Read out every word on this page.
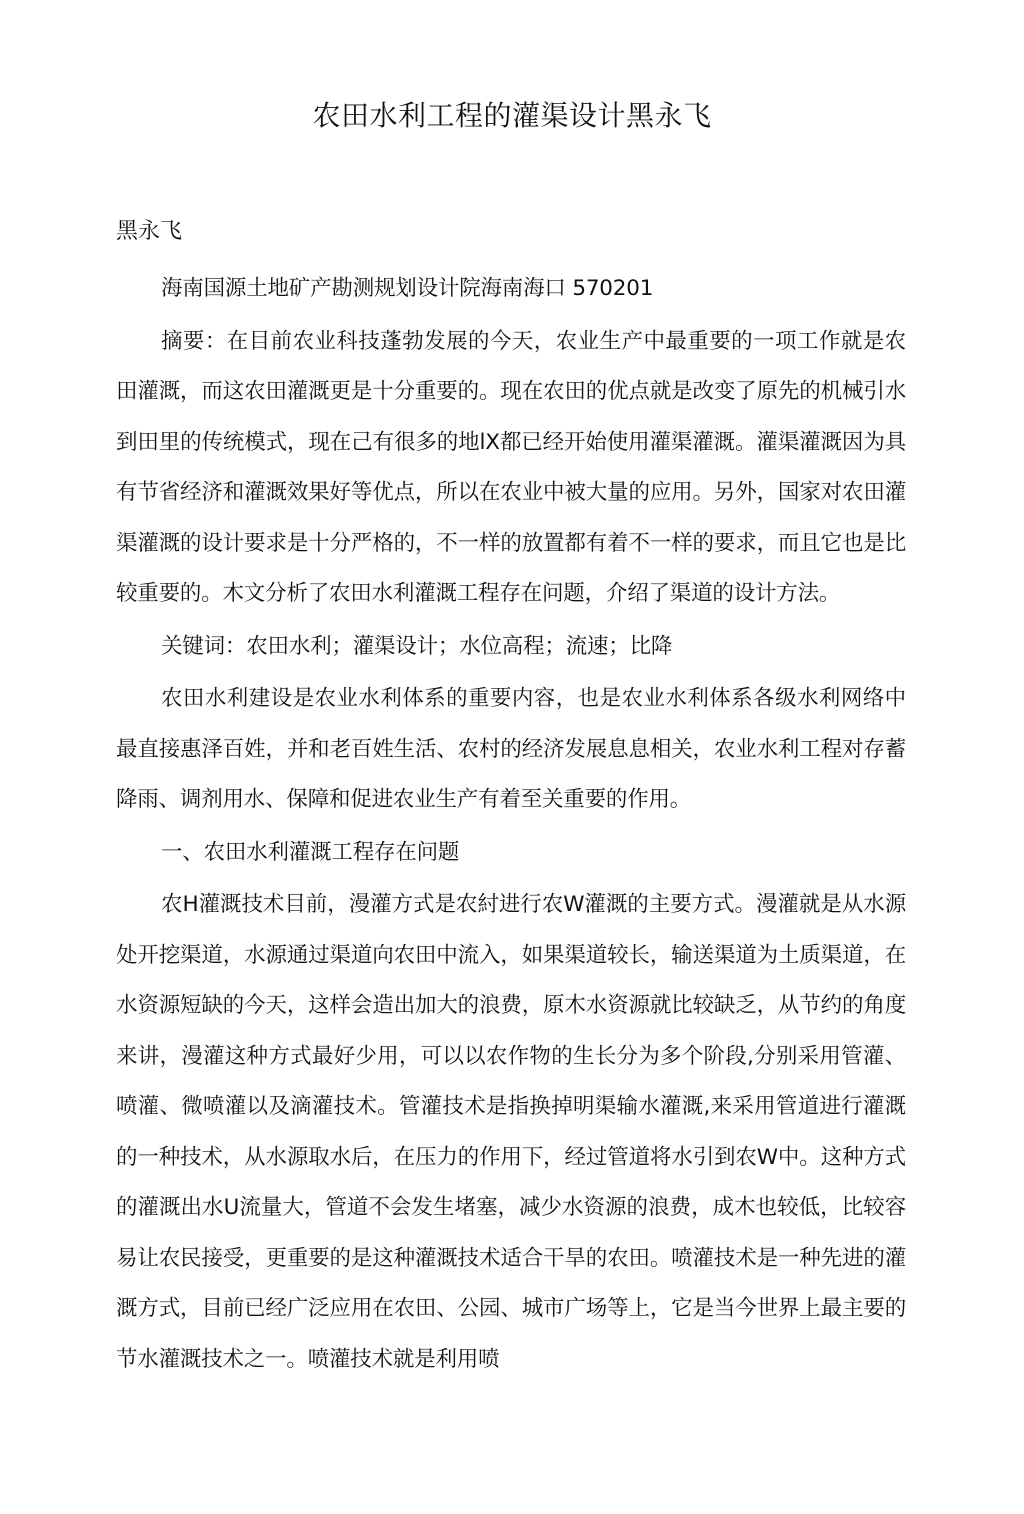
农田水利工程的灌渠设计黑永飞

黑永飞

海南国源土地矿产勘测规划设计院海南海口 570201

摘要：在目前农业科技蓬勃发展的今天，农业生产中最重要的一项工作就是农田灌溉，而这农田灌溉更是十分重要的。现在农田的优点就是改变了原先的机械引水到田里的传统模式，现在己有很多的地lX都已经开始使用灌渠灌溉。灌渠灌溉因为具有节省经济和灌溉效果好等优点，所以在农业中被大量的应用。另外，国家对农田灌渠灌溉的设计要求是十分严格的，不一样的放置都有着不一样的要求，而且它也是比较重要的。木文分析了农田水利灌溉工程存在问题，介绍了渠道的设计方法。

关键词：农田水利；灌渠设计；水位高程；流速；比降

农田水利建设是农业水利体系的重要内容，也是农业水利体系各级水利网络中最直接惠泽百姓，并和老百姓生活、农村的经济发展息息相关，农业水利工程对存蓄降雨、调剂用水、保障和促进农业生产有着至关重要的作用。

一、农田水利灌溉工程存在问题

农H灌溉技术目前，漫灌方式是农紂进行农W灌溉的主要方式。漫灌就是从水源处开挖渠道，水源通过渠道向农田中流入，如果渠道较长，输送渠道为土质渠道，在水资源短缺的今天，这样会造出加大的浪费，原木水资源就比较缺乏，从节约的角度来讲，漫灌这种方式最好少用，可以以农作物的生长分为多个阶段,分别采用管灌、喷灌、微喷灌以及滴灌技术。管灌技术是指换掉明渠输水灌溉,来采用管道进行灌溉的一种技术，从水源取水后，在压力的作用下，经过管道将水引到农W中。这种方式的灌溉出水U流量大，管道不会发生堵塞，减少水资源的浪费，成木也较低，比较容易让农民接受，更重要的是这种灌溉技术适合干旱的农田。喷灌技术是一种先进的灌溉方式，目前已经广泛应用在农田、公园、城市广场等上，它是当今世界上最主要的节水灌溉技术之一。喷灌技术就是利用喷
